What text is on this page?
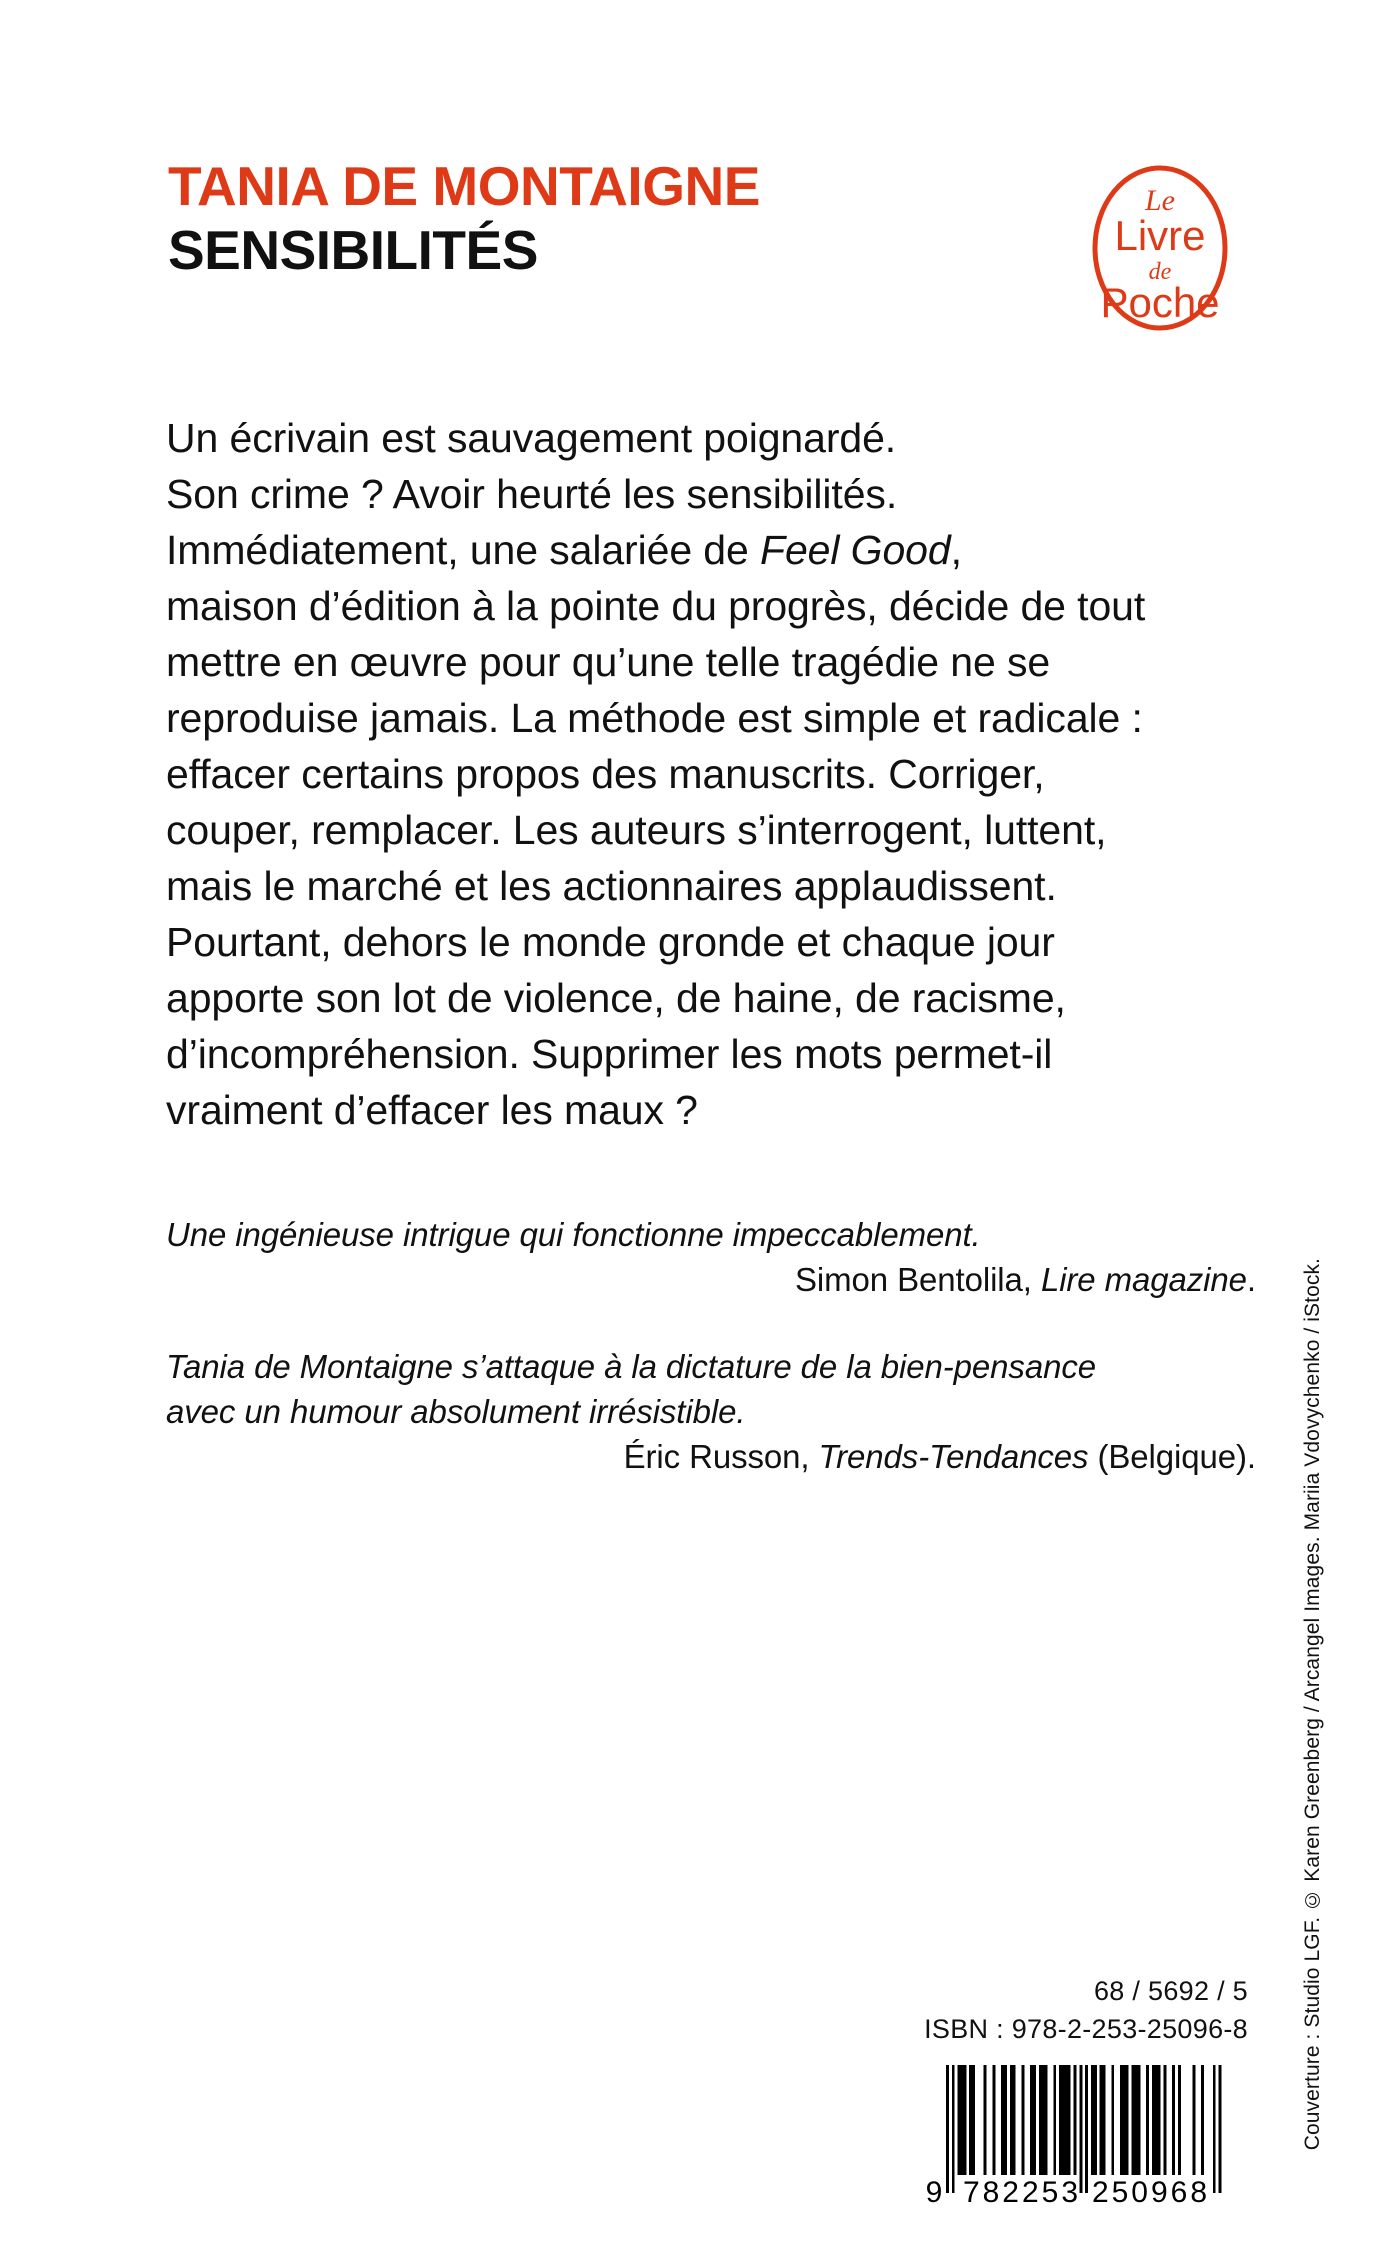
TANIA DE MONTAIGNE
SENSIBILITÉS
Le
Livre
de
Poche
Un écrivain est sauvagement poignardé.
Son crime ? Avoir heurté les sensibilités.
Immédiatement, une salariée de Feel Good,
maison d’édition à la pointe du progrès, décide de tout
mettre en œuvre pour qu’une telle tragédie ne se
reproduise jamais. La méthode est simple et radicale :
effacer certains propos des manuscrits. Corriger,
couper, remplacer. Les auteurs s’interrogent, luttent,
mais le marché et les actionnaires applaudissent.
Pourtant, dehors le monde gronde et chaque jour
apporte son lot de violence, de haine, de racisme,
d’incompréhension. Supprimer les mots permet-il
vraiment d’effacer les maux ?
Une ingénieuse intrigue qui fonctionne impeccablement.
Simon Bentolila, Lire magazine.
Tania de Montaigne s’attaque à la dictature de la bien-pensance
avec un humour absolument irrésistible.
Éric Russon, Trends-Tendances (Belgique). Couverture : Studio LGF. © Karen Greenberg / Arcangel Images. Mariia Vdovychenko / iStock.
68 / 5692 / 5
ISBN : 978-2-253-25096-8
9 782253 250968
